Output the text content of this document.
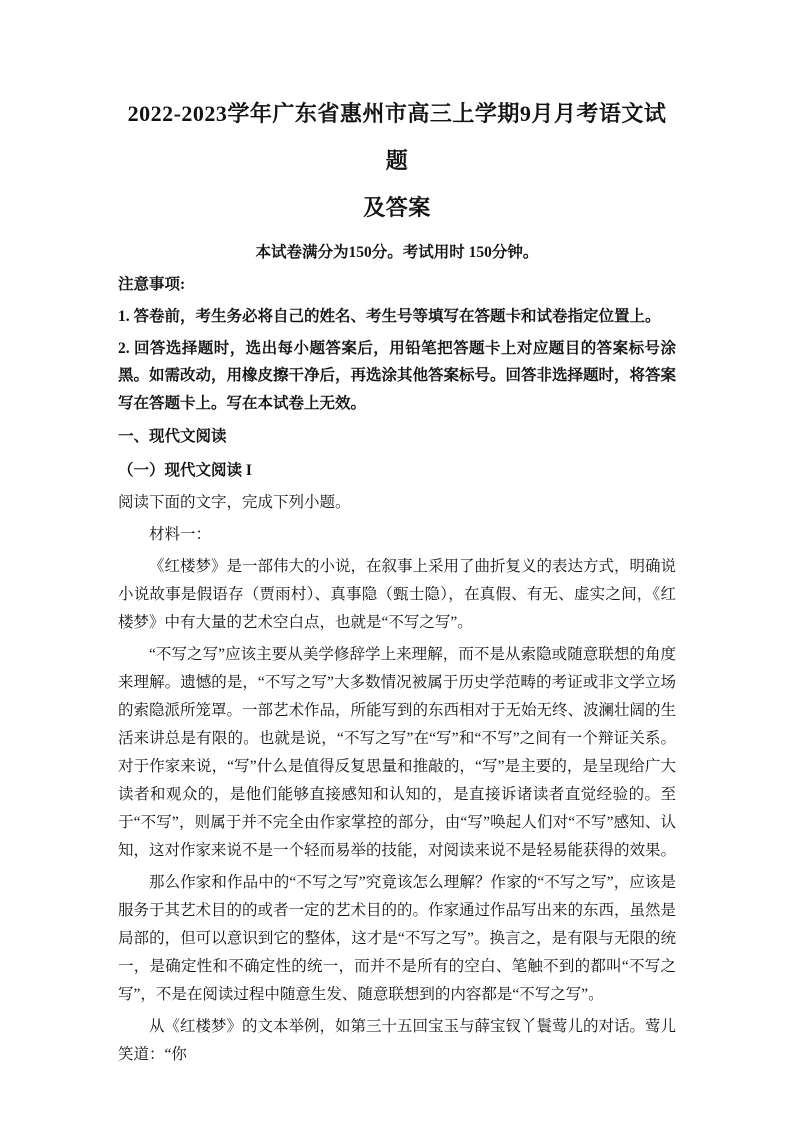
2022-2023学年广东省惠州市高三上学期9月月考语文试题
及答案
本试卷满分为150分。考试用时 150分钟。
注意事项:

1. 答卷前，考生务必将自己的姓名、考生号等填写在答题卡和试卷指定位置上。

2. 回答选择题时，选出每小题答案后，用铅笔把答题卡上对应题目的答案标号涂黑。如需改动，用橡皮擦干净后，再选涂其他答案标号。回答非选择题时，将答案写在答题卡上。写在本试卷上无效。

一、现代文阅读
（一）现代文阅读 I

阅读下面的文字，完成下列小题。

材料一：

《红楼梦》是一部伟大的小说，在叙事上采用了曲折复义的表达方式，明确说小说故事是假语存（贾雨村）、真事隐（甄士隐），在真假、有无、虚实之间，《红楼梦》中有大量的艺术空白点，也就是“不写之写”。

“不写之写”应该主要从美学修辞学上来理解，而不是从索隐或随意联想的角度来理解。遗憾的是，“不写之写”大多数情况被属于历史学范畴的考证或非文学立场的索隐派所笼罩。一部艺术作品，所能写到的东西相对于无始无终、波澜壮阔的生活来讲总是有限的。也就是说，“不写之写”在“写”和“不写”之间有一个辩证关系。对于作家来说，“写”什么是值得反复思量和推敲的，“写”是主要的，是呈现给广大读者和观众的，是他们能够直接感知和认知的，是直接诉诸读者直觉经验的。至于“不写”，则属于并不完全由作家掌控的部分，由“写”唤起人们对“不写”感知、认知，这对作家来说不是一个轻而易举的技能，对阅读来说不是轻易能获得的效果。

那么作家和作品中的“不写之写”究竟该怎么理解？作家的“不写之写”，应该是服务于其艺术目的的或者一定的艺术目的的。作家通过作品写出来的东西，虽然是局部的，但可以意识到它的整体，这才是“不写之写”。换言之，是有限与无限的统一，是确定性和不确定性的统一，而并不是所有的空白、笔触不到的都叫“不写之写”，不是在阅读过程中随意生发、随意联想到的内容都是“不写之写”。

从《红楼梦》的文本举例，如第三十五回宝玉与薛宝钗丫鬟莺儿的对话。莺儿笑道：“你
